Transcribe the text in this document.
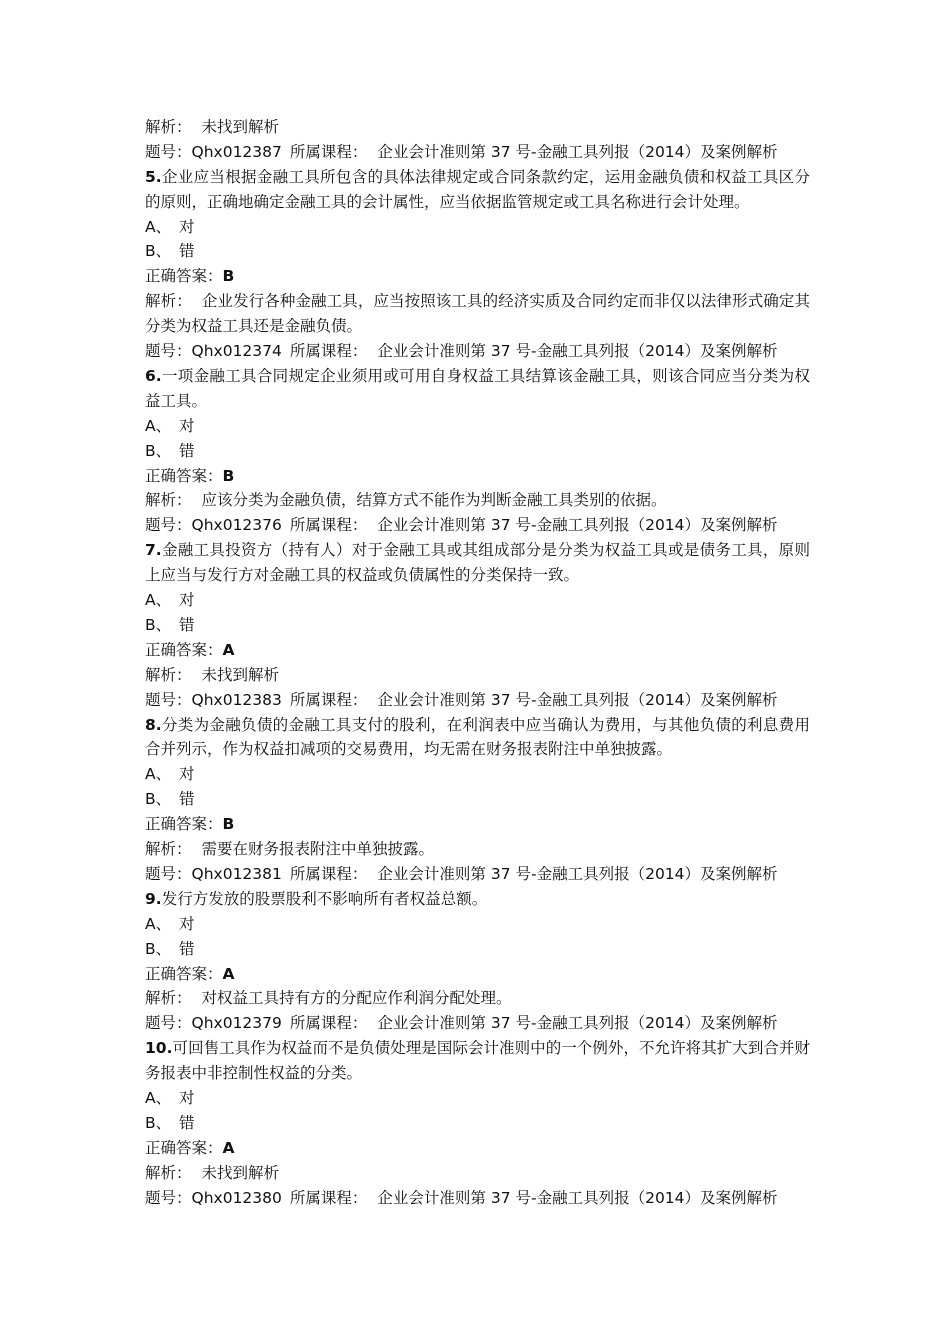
解析： 未找到解析
题号：Qhx012387 所属课程： 企业会计准则第 37 号-金融工具列报（2014）及案例解析
5.企业应当根据金融工具所包含的具体法律规定或合同条款约定，运用金融负债和权益工具区分的原则，正确地确定金融工具的会计属性，应当依据监管规定或工具名称进行会计处理。
A、 对
B、 错
正确答案：B
解析： 企业发行各种金融工具，应当按照该工具的经济实质及合同约定而非仅以法律形式确定其分类为权益工具还是金融负债。
题号：Qhx012374 所属课程： 企业会计准则第 37 号-金融工具列报（2014）及案例解析
6.一项金融工具合同规定企业须用或可用自身权益工具结算该金融工具，则该合同应当分类为权益工具。
A、 对
B、 错
正确答案：B
解析： 应该分类为金融负债，结算方式不能作为判断金融工具类别的依据。
题号：Qhx012376 所属课程： 企业会计准则第 37 号-金融工具列报（2014）及案例解析
7.金融工具投资方（持有人）对于金融工具或其组成部分是分类为权益工具或是债务工具，原则上应当与发行方对金融工具的权益或负债属性的分类保持一致。
A、 对
B、 错
正确答案：A
解析： 未找到解析
题号：Qhx012383 所属课程： 企业会计准则第 37 号-金融工具列报（2014）及案例解析
8.分类为金融负债的金融工具支付的股利，在利润表中应当确认为费用，与其他负债的利息费用合并列示，作为权益扣减项的交易费用，均无需在财务报表附注中单独披露。
A、 对
B、 错
正确答案：B
解析： 需要在财务报表附注中单独披露。
题号：Qhx012381 所属课程： 企业会计准则第 37 号-金融工具列报（2014）及案例解析
9.发行方发放的股票股利不影响所有者权益总额。
A、 对
B、 错
正确答案：A
解析： 对权益工具持有方的分配应作利润分配处理。
题号：Qhx012379 所属课程： 企业会计准则第 37 号-金融工具列报（2014）及案例解析
10.可回售工具作为权益而不是负债处理是国际会计准则中的一个例外，不允许将其扩大到合并财务报表中非控制性权益的分类。
A、 对
B、 错
正确答案：A
解析： 未找到解析
题号：Qhx012380 所属课程： 企业会计准则第 37 号-金融工具列报（2014）及案例解析
